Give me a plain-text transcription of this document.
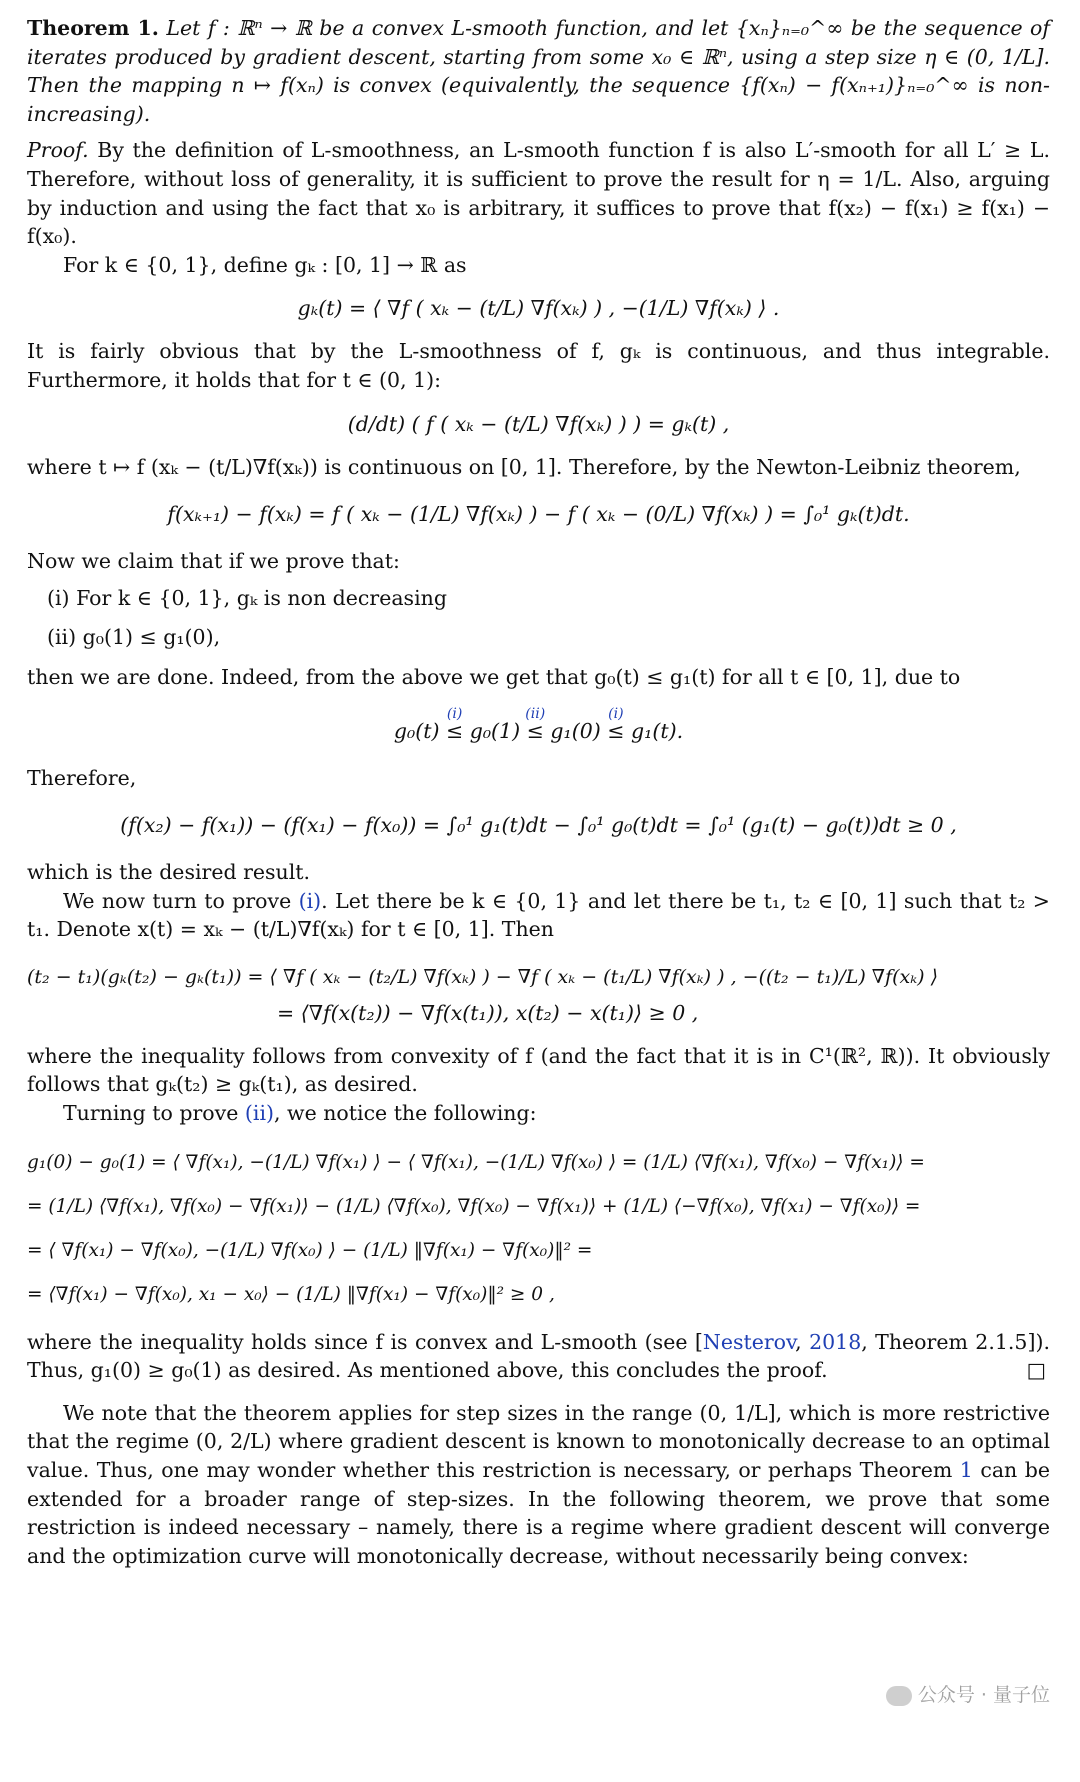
Theorem 1. Let f : ℝⁿ → ℝ be a convex L-smooth function, and let {xₙ}ₙ₌₀^∞ be the sequence of iterates produced by gradient descent, starting from some x₀ ∈ ℝⁿ, using a step size η ∈ (0, 1/L]. Then the mapping n ↦ f(xₙ) is convex (equivalently, the sequence {f(xₙ) − f(xₙ₊₁)}ₙ₌₀^∞ is non-increasing).

Proof. By the definition of L-smoothness, an L-smooth function f is also L′-smooth for all L′ ≥ L. Therefore, without loss of generality, it is sufficient to prove the result for η = 1/L. Also, arguing by induction and using the fact that x₀ is arbitrary, it suffices to prove that f(x₂) − f(x₁) ≥ f(x₁) − f(x₀).

For k ∈ {0, 1}, define gₖ : [0, 1] → ℝ as

gₖ(t) = ⟨ ∇f ( xₖ − (t/L) ∇f(xₖ) ) , −(1/L) ∇f(xₖ) ⟩ .

It is fairly obvious that by the L-smoothness of f, gₖ is continuous, and thus integrable. Furthermore, it holds that for t ∈ (0, 1):

(d/dt) ( f ( xₖ − (t/L) ∇f(xₖ) ) ) = gₖ(t) ,

where t ↦ f (xₖ − (t/L)∇f(xₖ)) is continuous on [0, 1]. Therefore, by the Newton-Leibniz theorem,

f(xₖ₊₁) − f(xₖ) = f ( xₖ − (1/L) ∇f(xₖ) ) − f ( xₖ − (0/L) ∇f(xₖ) ) = ∫₀¹ gₖ(t)dt.

Now we claim that if we prove that:

(i) For k ∈ {0, 1}, gₖ is non decreasing
(ii) g₀(1) ≤ g₁(0),

then we are done. Indeed, from the above we get that g₀(t) ≤ g₁(t) for all t ∈ [0, 1], due to

g₀(t)
(i)
≤ g₀(1)
(ii)
≤ g₁(0)
(i)
≤ g₁(t).

Therefore,

(f(x₂) − f(x₁)) − (f(x₁) − f(x₀)) = ∫₀¹ g₁(t)dt − ∫₀¹ g₀(t)dt = ∫₀¹ (g₁(t) − g₀(t))dt ≥ 0 ,

which is the desired result.

We now turn to prove (i). Let there be k ∈ {0, 1} and let there be t₁, t₂ ∈ [0, 1] such that t₂ > t₁. Denote x(t) = xₖ − (t/L)∇f(xₖ) for t ∈ [0, 1]. Then

(t₂ − t₁)(gₖ(t₂) − gₖ(t₁)) = ⟨ ∇f ( xₖ − (t₂/L) ∇f(xₖ) ) − ∇f ( xₖ − (t₁/L) ∇f(xₖ) ) , −((t₂ − t₁)/L) ∇f(xₖ) ⟩
= ⟨∇f(x(t₂)) − ∇f(x(t₁)), x(t₂) − x(t₁)⟩ ≥ 0 ,

where the inequality follows from convexity of f (and the fact that it is in C¹(ℝ², ℝ)). It obviously follows that gₖ(t₂) ≥ gₖ(t₁), as desired.

Turning to prove (ii), we notice the following:

g₁(0) − g₀(1) = ⟨ ∇f(x₁), −(1/L) ∇f(x₁) ⟩ − ⟨ ∇f(x₁), −(1/L) ∇f(x₀) ⟩ = (1/L) ⟨∇f(x₁), ∇f(x₀) − ∇f(x₁)⟩ =
= (1/L) ⟨∇f(x₁), ∇f(x₀) − ∇f(x₁)⟩ − (1/L) ⟨∇f(x₀), ∇f(x₀) − ∇f(x₁)⟩ + (1/L) ⟨−∇f(x₀), ∇f(x₁) − ∇f(x₀)⟩ =
= ⟨ ∇f(x₁) − ∇f(x₀), −(1/L) ∇f(x₀) ⟩ − (1/L) ‖∇f(x₁) − ∇f(x₀)‖² =
= ⟨∇f(x₁) − ∇f(x₀), x₁ − x₀⟩ − (1/L) ‖∇f(x₁) − ∇f(x₀)‖² ≥ 0 ,

where the inequality holds since f is convex and L-smooth (see [Nesterov, 2018, Theorem 2.1.5]). Thus, g₁(0) ≥ g₀(1) as desired. As mentioned above, this concludes the proof.	□

We note that the theorem applies for step sizes in the range (0, 1/L], which is more restrictive that the regime (0, 2/L) where gradient descent is known to monotonically decrease to an optimal value. Thus, one may wonder whether this restriction is necessary, or perhaps Theorem 1 can be extended for a broader range of step-sizes. In the following theorem, we prove that some restriction is indeed necessary – namely, there is a regime where gradient descent will converge and the optimization curve will monotonically decrease, without necessarily being convex:

公众号 · 量子位
